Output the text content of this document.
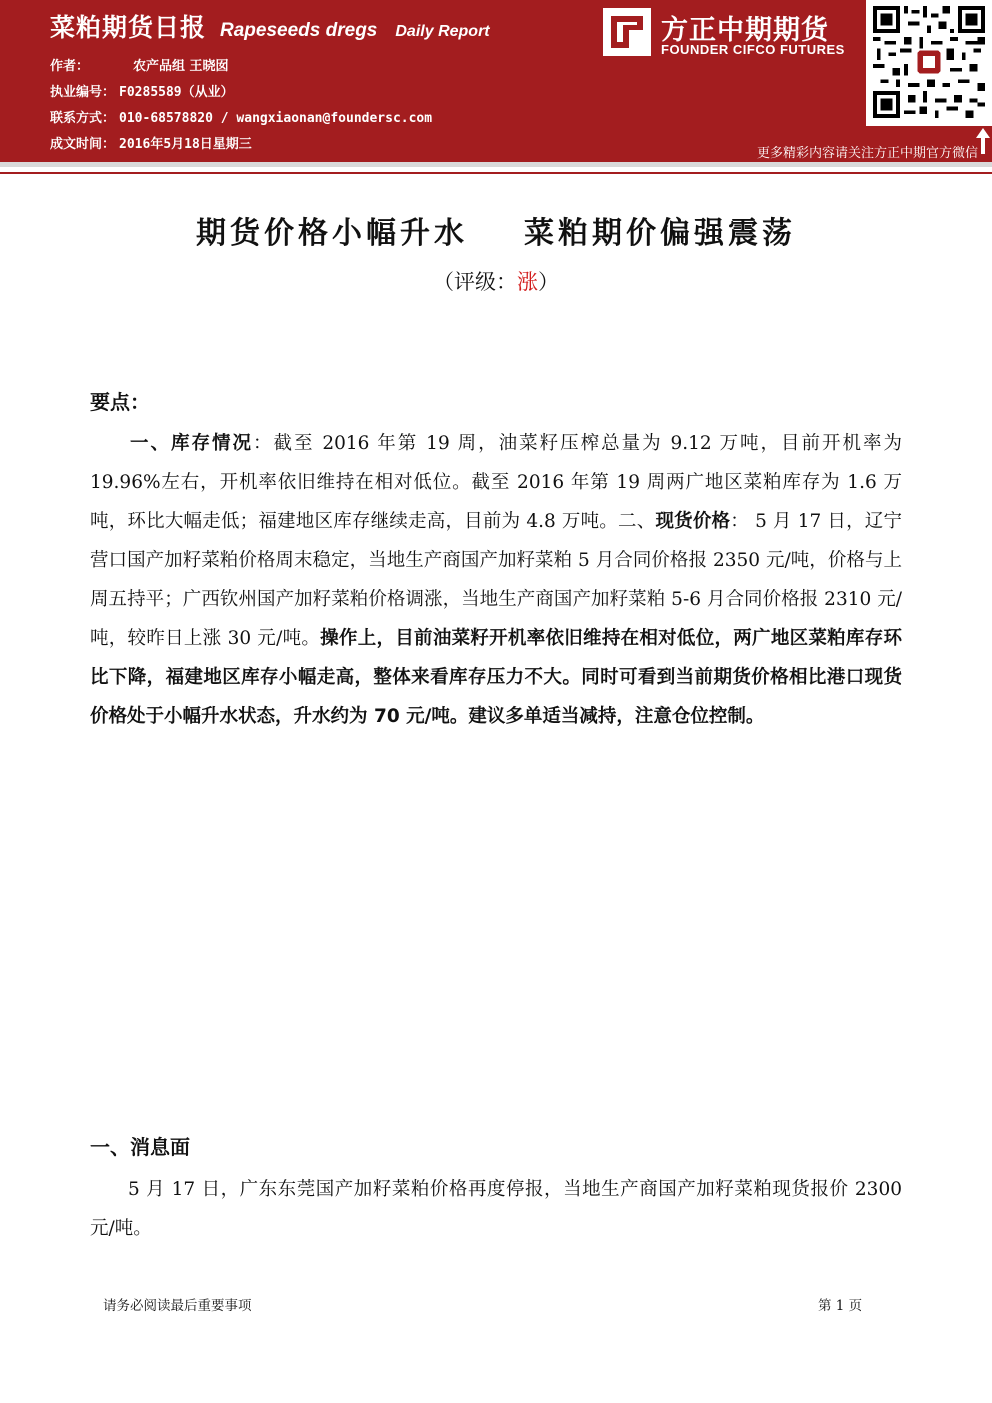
菜粕期货日报 Rapeseeds dregs Daily Report
作者：	农产品组 王晓囡
执业编号： F0285589（从业）
联系方式： 010-68578820 / wangxiaonan@foundersc.com
成文时间： 2016年5月18日星期三
方正中期期货
FOUNDER CIFCO FUTURES
更多精彩内容请关注方正中期官方微信
期货价格小幅升水 菜粕期价偏强震荡
（评级：涨）
要点：
一、库存情况：截至 2016 年第 19 周，油菜籽压榨总量为 9.12 万吨，目前开机率为 19.96%左右，开机率依旧维持在相对低位。截至 2016 年第 19 周两广地区菜粕库存为 1.6 万吨，环比大幅走低；福建地区库存继续走高，目前为 4.8 万吨。二、现货价格： 5 月 17 日，辽宁营口国产加籽菜粕价格周末稳定，当地生产商国产加籽菜粕 5 月合同价格报 2350 元/吨，价格与上周五持平；广西钦州国产加籽菜粕价格调涨，当地生产商国产加籽菜粕 5-6 月合同价格报 2310 元/吨，较昨日上涨 30 元/吨。操作上，目前油菜籽开机率依旧维持在相对低位，两广地区菜粕库存环比下降，福建地区库存小幅走高，整体来看库存压力不大。同时可看到当前期货价格相比港口现货价格处于小幅升水状态，升水约为 70 元/吨。建议多单适当减持，注意仓位控制。
一、消息面
5 月 17 日，广东东莞国产加籽菜粕价格再度停报，当地生产商国产加籽菜粕现货报价 2300 元/吨。
请务必阅读最后重要事项	第 1 页
